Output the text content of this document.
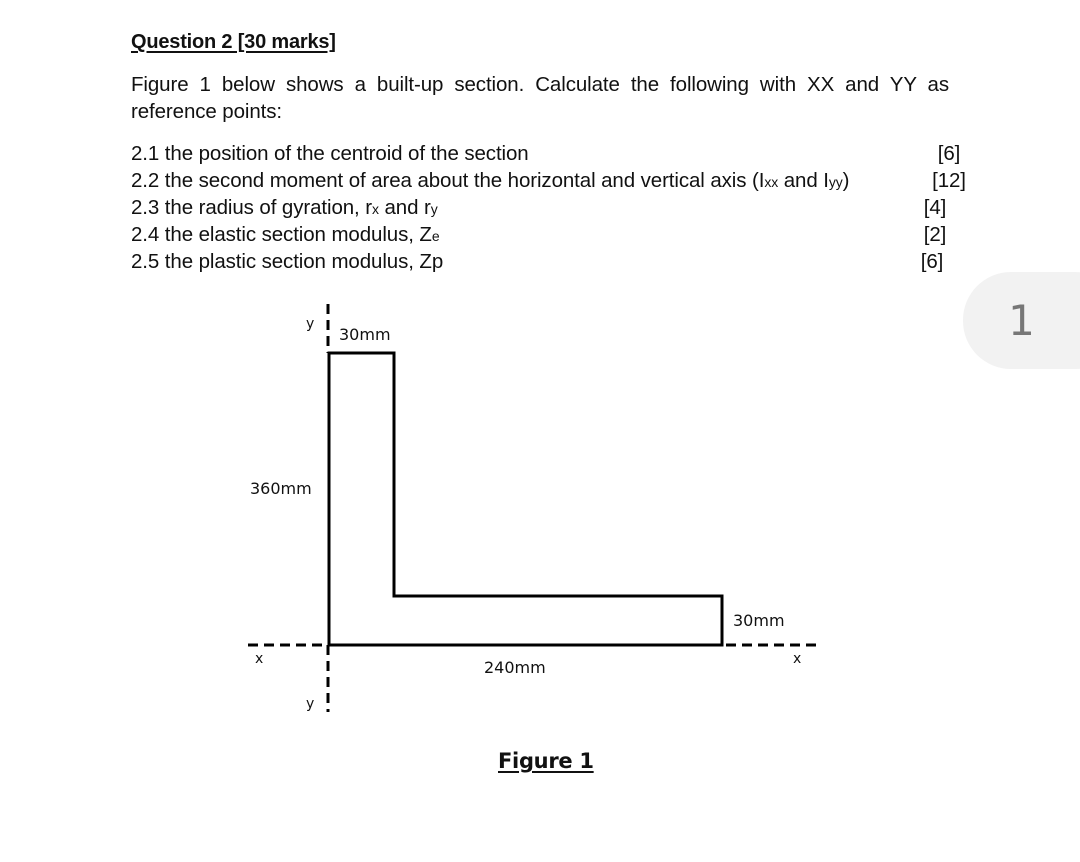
Question 2 [30 marks]
Figure 1 below shows a built-up section. Calculate the following with XX and YY as reference points:
2.1 the position of the centroid of the section	[6]
2.2 the second moment of area about the horizontal and vertical axis (Ixx and Iyy)	[12]
2.3 the radius of gyration, rx and ry	[4]
2.4 the elastic section modulus, Ze	[2]
2.5 the plastic section modulus, Zp	[6]
1
y
y
x	x
30mm
360mm
30mm
240mm
Figure 1
